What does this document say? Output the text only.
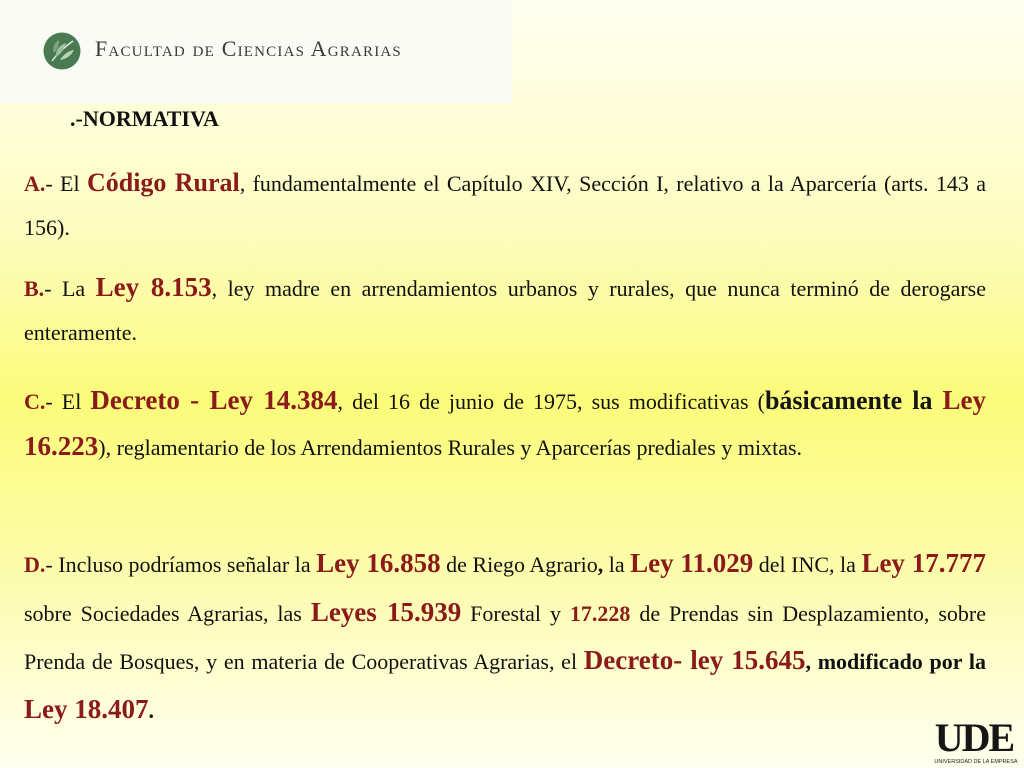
Facultad de Ciencias Agrarias
.-NORMATIVA
A.- El Código Rural, fundamentalmente el Capítulo XIV, Sección I, relativo a la Aparcería (arts. 143 a 156).
B.- La Ley 8.153, ley madre en arrendamientos urbanos y rurales, que nunca terminó de derogarse enteramente.
C.- El Decreto - Ley 14.384, del 16 de junio de 1975, sus modificativas (básicamente la Ley 16.223), reglamentario de los Arrendamientos Rurales y Aparcerías prediales y mixtas.
D.- Incluso podríamos señalar la Ley 16.858 de Riego Agrario, la Ley 11.029 del INC, la Ley 17.777 sobre Sociedades Agrarias, las Leyes 15.939 Forestal y 17.228 de Prendas sin Desplazamiento, sobre Prenda de Bosques, y en materia de Cooperativas Agrarias, el Decreto- ley 15.645, modificado por la Ley 18.407.
UDE
UNIVERSIDAD DE LA EMPRESA
